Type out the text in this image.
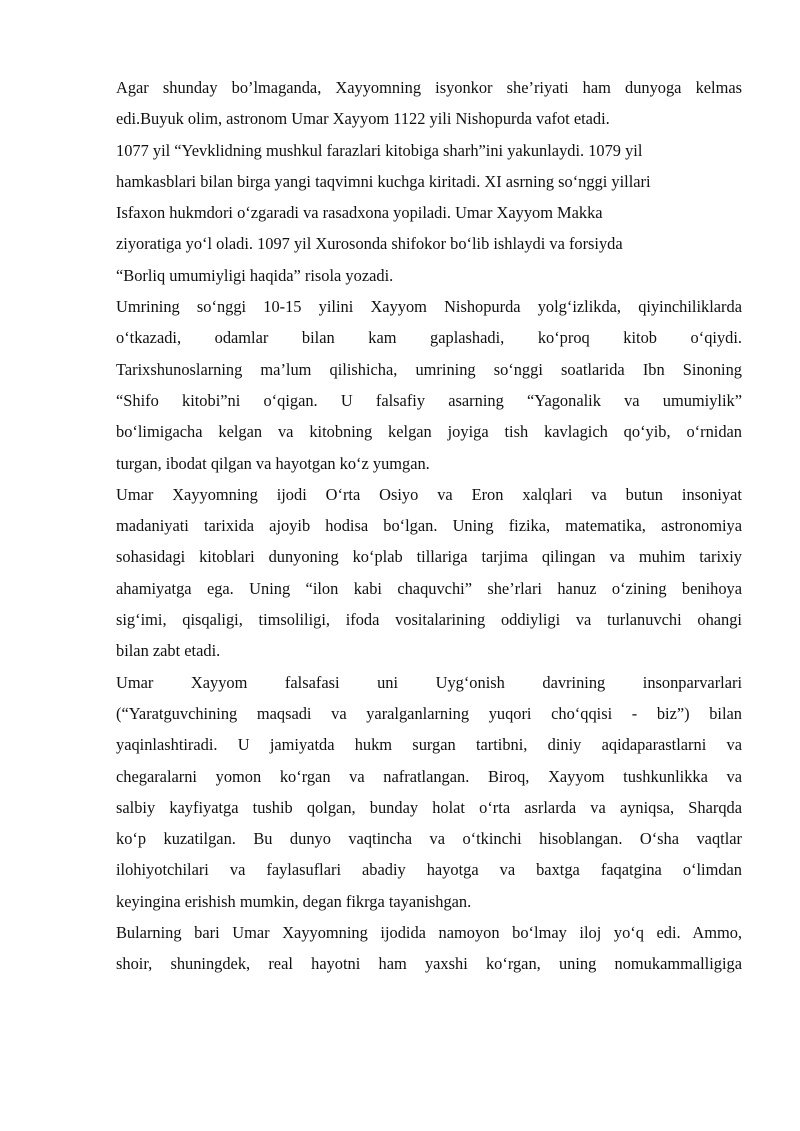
Agar shunday bo’lmaganda, Xayyomning isyonkor she’riyati ham dunyoga kelmas
edi.Buyuk olim, astronom Umar Xayyom 1122 yili Nishopurda vafot etadi.
1077 yil “Yevklidning mushkul farazlari kitobiga sharh”ini yakunlaydi. 1079 yil
hamkasblari bilan birga yangi taqvimni kuchga kiritadi. XI asrning so‘nggi yillari
Isfaxon hukmdori o‘zgaradi va rasadxona yopiladi. Umar Xayyom Makka
ziyoratiga yo‘l oladi. 1097 yil Xurosonda shifokor bo‘lib ishlaydi va forsiyda
“Borliq umumiyligi haqida” risola yozadi.
Umrining so‘nggi 10-15 yilini Xayyom Nishopurda yolg‘izlikda, qiyinchiliklarda
o‘tkazadi, odamlar bilan kam gaplashadi, ko‘proq kitob o‘qiydi.
Tarixshunoslarning ma’lum qilishicha, umrining so‘nggi soatlarida Ibn Sinoning
“Shifo kitobi”ni o‘qigan. U falsafiy asarning “Yagonalik va umumiylik”
bo‘limigacha kelgan va kitobning kelgan joyiga tish kavlagich qo‘yib, o‘rnidan
turgan, ibodat qilgan va hayotgan ko‘z yumgan.
Umar Xayyomning ijodi O‘rta Osiyo va Eron xalqlari va butun insoniyat
madaniyati tarixida ajoyib hodisa bo‘lgan. Uning fizika, matematika, astronomiya
sohasidagi kitoblari dunyoning ko‘plab tillariga tarjima qilingan va muhim tarixiy
ahamiyatga ega. Uning “ilon kabi chaquvchi” she’rlari hanuz o‘zining benihoya
sig‘imi, qisqaligi, timsoliligi, ifoda vositalarining oddiyligi va turlanuvchi ohangi
bilan zabt etadi.
Umar Xayyom falsafasi uni Uyg‘onish davrining insonparvarlari
(“Yaratguvchining maqsadi va yaralganlarning yuqori cho‘qqisi - biz”) bilan
yaqinlashtiradi. U jamiyatda hukm surgan tartibni, diniy aqidaparastlarni va
chegaralarni yomon ko‘rgan va nafratlangan. Biroq, Xayyom tushkunlikka va
salbiy kayfiyatga tushib qolgan, bunday holat o‘rta asrlarda va ayniqsa, Sharqda
ko‘p kuzatilgan. Bu dunyo vaqtincha va o‘tkinchi hisoblangan. O‘sha vaqtlar
ilohiyotchilari va faylasuflari abadiy hayotga va baxtga faqatgina o‘limdan
keyingina erishish mumkin, degan fikrga tayanishgan.
Bularning bari Umar Xayyomning ijodida namoyon bo‘lmay iloj yo‘q edi. Ammo,
shoir, shuningdek, real hayotni ham yaxshi ko‘rgan, uning nomukammalligiga
